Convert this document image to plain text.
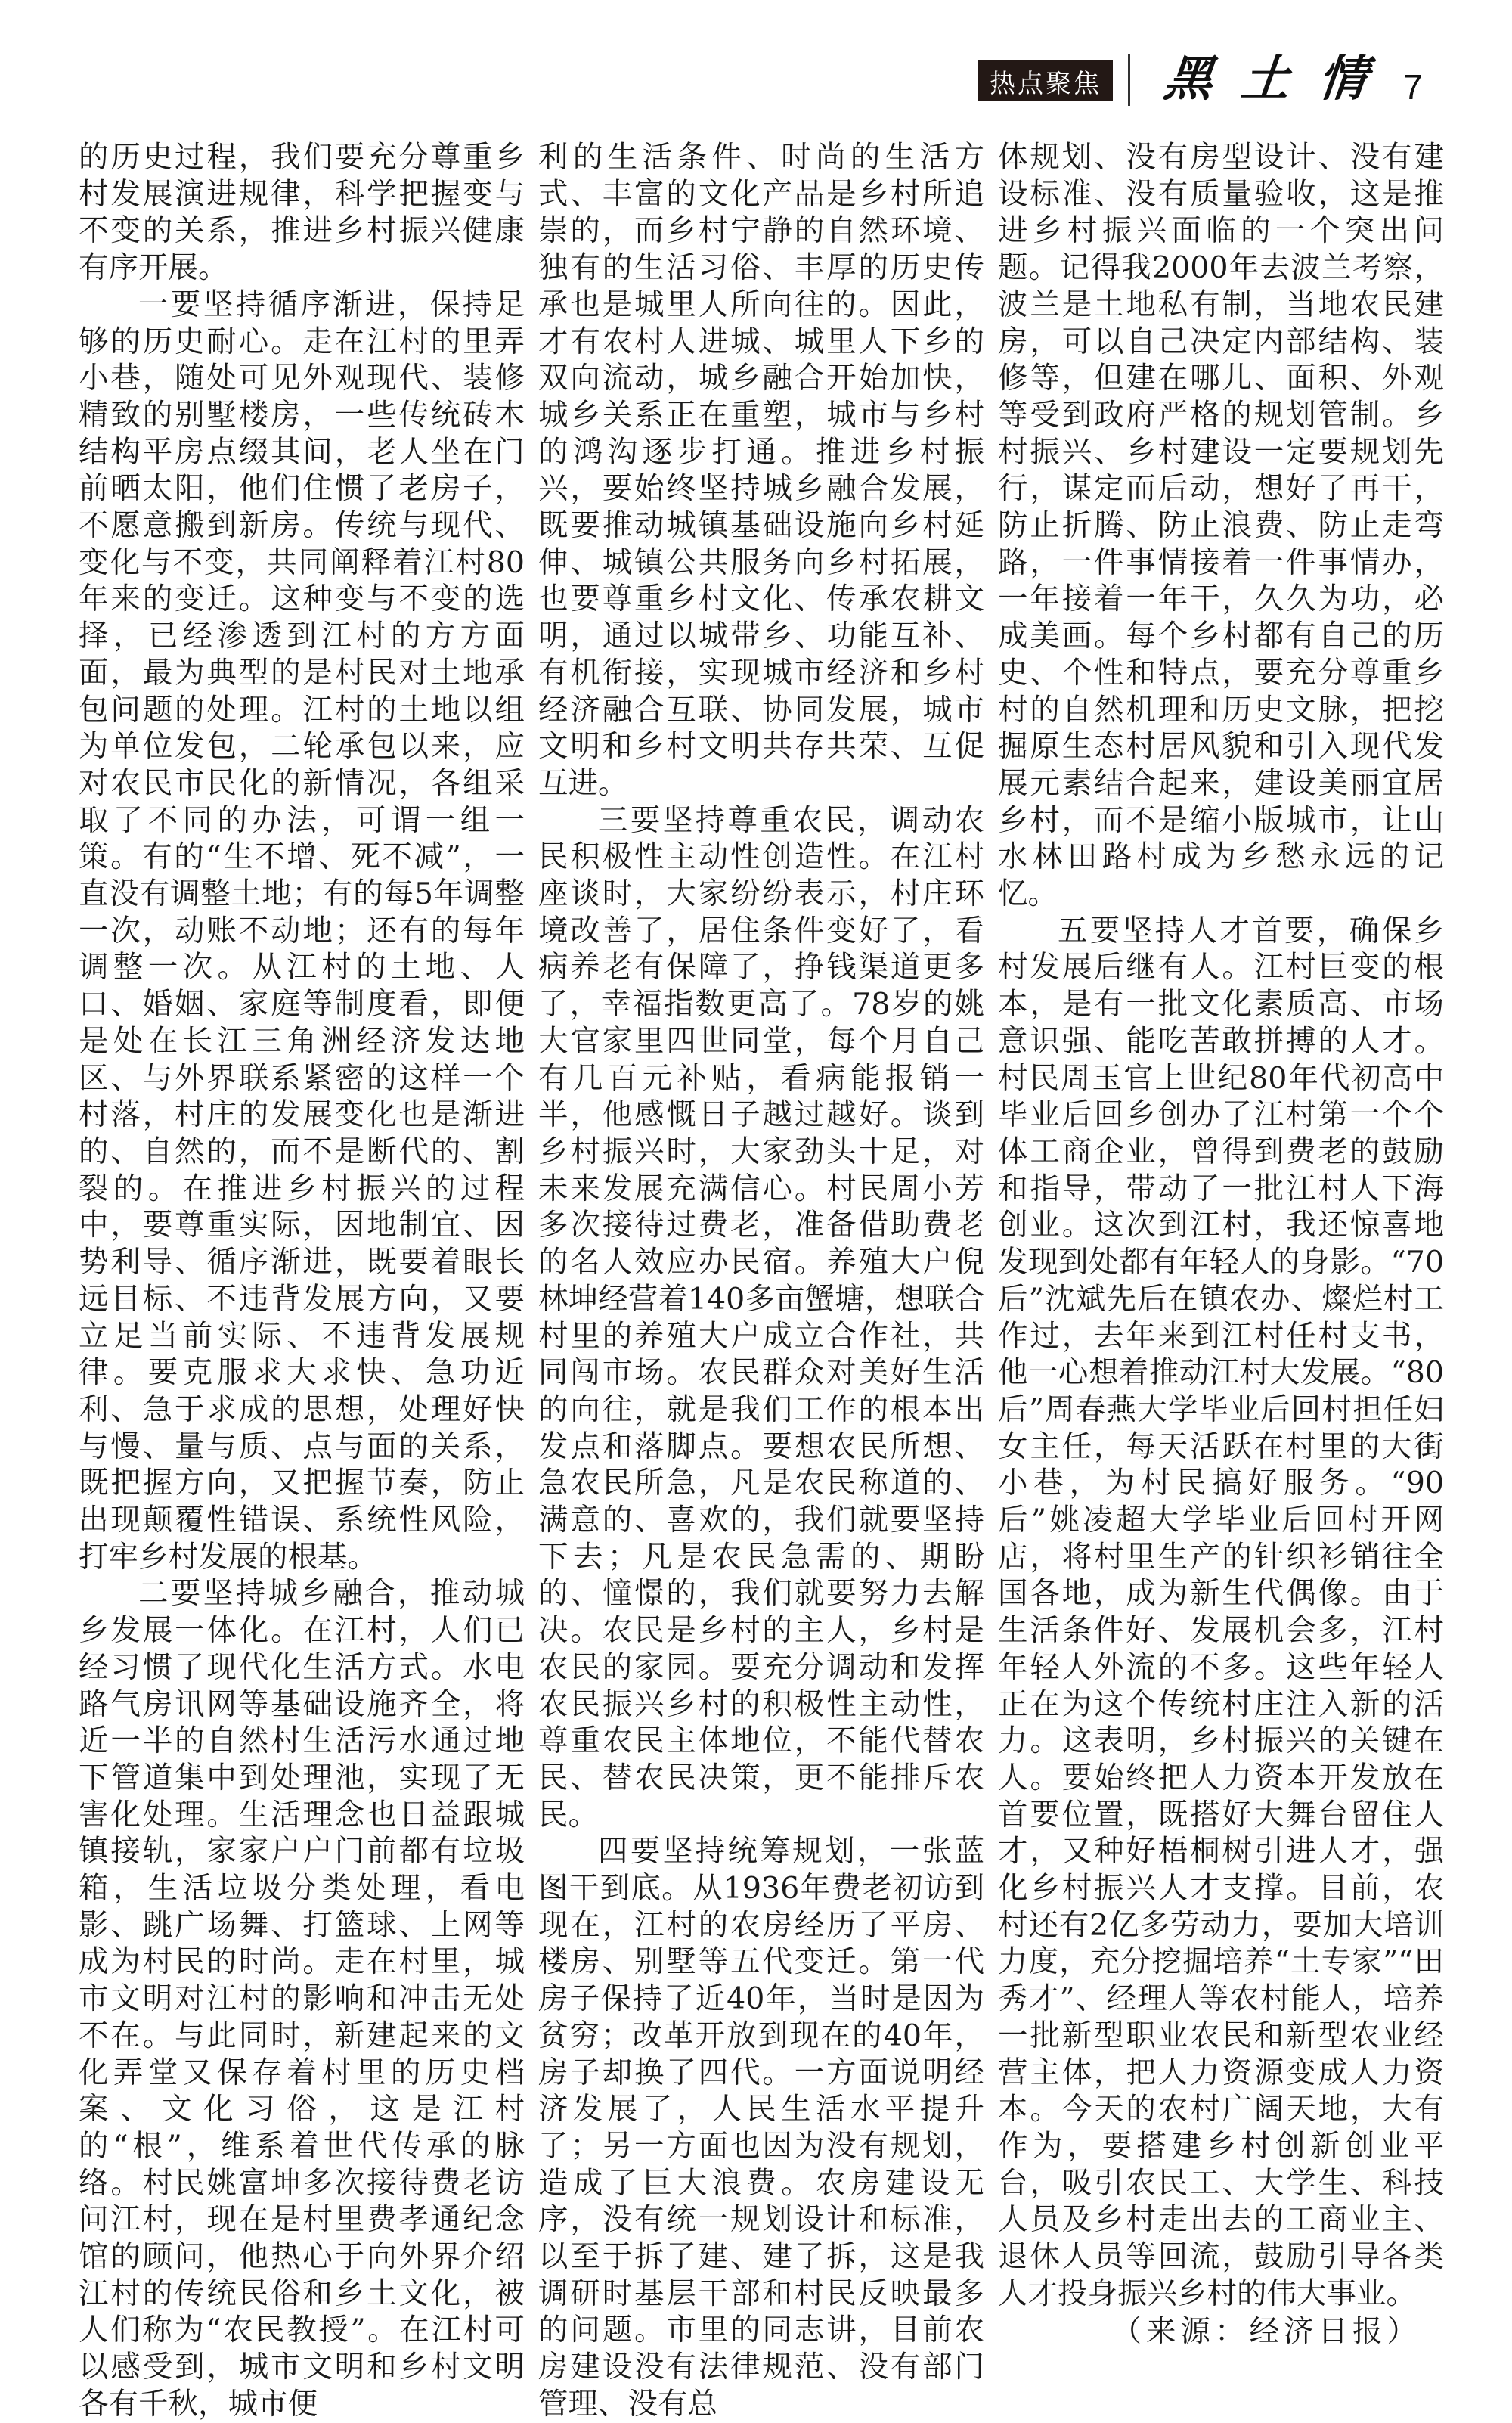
热点聚焦 黑土情 7

的历史过程，我们要充分尊重乡村发展演进规律，科学把握变与不变的关系，推进乡村振兴健康有序开展。

一要坚持循序渐进，保持足够的历史耐心。走在江村的里弄小巷，随处可见外观现代、装修精致的别墅楼房，一些传统砖木结构平房点缀其间，老人坐在门前晒太阳，他们住惯了老房子，不愿意搬到新房。传统与现代、变化与不变，共同阐释着江村80年来的变迁。这种变与不变的选择，已经渗透到江村的方方面面，最为典型的是村民对土地承包问题的处理。江村的土地以组为单位发包，二轮承包以来，应对农民市民化的新情况，各组采取了不同的办法，可谓一组一策。有的“生不增、死不减”，一直没有调整土地；有的每5年调整一次，动账不动地；还有的每年调整一次。从江村的土地、人口、婚姻、家庭等制度看，即便是处在长江三角洲经济发达地区、与外界联系紧密的这样一个村落，村庄的发展变化也是渐进的、自然的，而不是断代的、割裂的。在推进乡村振兴的过程中，要尊重实际，因地制宜、因势利导、循序渐进，既要着眼长远目标、不违背发展方向，又要立足当前实际、不违背发展规律。要克服求大求快、急功近利、急于求成的思想，处理好快与慢、量与质、点与面的关系，既把握方向，又把握节奏，防止出现颠覆性错误、系统性风险，打牢乡村发展的根基。

二要坚持城乡融合，推动城乡发展一体化。在江村，人们已经习惯了现代化生活方式。水电路气房讯网等基础设施齐全，将近一半的自然村生活污水通过地下管道集中到处理池，实现了无害化处理。生活理念也日益跟城镇接轨，家家户户门前都有垃圾箱，生活垃圾分类处理，看电影、跳广场舞、打篮球、上网等成为村民的时尚。走在村里，城市文明对江村的影响和冲击无处不在。与此同时，新建起来的文化弄堂又保存着村里的历史档案、文化习俗，这是江村的“根”，维系着世代传承的脉络。村民姚富坤多次接待费老访问江村，现在是村里费孝通纪念馆的顾问，他热心于向外界介绍江村的传统民俗和乡土文化，被人们称为“农民教授”。在江村可以感受到，城市文明和乡村文明各有千秋，城市便

利的生活条件、时尚的生活方式、丰富的文化产品是乡村所追崇的，而乡村宁静的自然环境、独有的生活习俗、丰厚的历史传承也是城里人所向往的。因此，才有农村人进城、城里人下乡的双向流动，城乡融合开始加快，城乡关系正在重塑，城市与乡村的鸿沟逐步打通。推进乡村振兴，要始终坚持城乡融合发展，既要推动城镇基础设施向乡村延伸、城镇公共服务向乡村拓展，也要尊重乡村文化、传承农耕文明，通过以城带乡、功能互补、有机衔接，实现城市经济和乡村经济融合互联、协同发展，城市文明和乡村文明共存共荣、互促互进。

三要坚持尊重农民，调动农民积极性主动性创造性。在江村座谈时，大家纷纷表示，村庄环境改善了，居住条件变好了，看病养老有保障了，挣钱渠道更多了，幸福指数更高了。78岁的姚大官家里四世同堂，每个月自己有几百元补贴，看病能报销一半，他感慨日子越过越好。谈到乡村振兴时，大家劲头十足，对未来发展充满信心。村民周小芳多次接待过费老，准备借助费老的名人效应办民宿。养殖大户倪林坤经营着140多亩蟹塘，想联合村里的养殖大户成立合作社，共同闯市场。农民群众对美好生活的向往，就是我们工作的根本出发点和落脚点。要想农民所想、急农民所急，凡是农民称道的、满意的、喜欢的，我们就要坚持下去；凡是农民急需的、期盼的、憧憬的，我们就要努力去解决。农民是乡村的主人，乡村是农民的家园。要充分调动和发挥农民振兴乡村的积极性主动性，尊重农民主体地位，不能代替农民、替农民决策，更不能排斥农民。

四要坚持统筹规划，一张蓝图干到底。从1936年费老初访到现在，江村的农房经历了平房、楼房、别墅等五代变迁。第一代房子保持了近40年，当时是因为贫穷；改革开放到现在的40年，房子却换了四代。一方面说明经济发展了，人民生活水平提升了；另一方面也因为没有规划，造成了巨大浪费。农房建设无序，没有统一规划设计和标准，以至于拆了建、建了拆，这是我调研时基层干部和村民反映最多的问题。市里的同志讲，目前农房建设没有法律规范、没有部门管理、没有总

体规划、没有房型设计、没有建设标准、没有质量验收，这是推进乡村振兴面临的一个突出问题。记得我2000年去波兰考察，波兰是土地私有制，当地农民建房，可以自己决定内部结构、装修等，但建在哪儿、面积、外观等受到政府严格的规划管制。乡村振兴、乡村建设一定要规划先行，谋定而后动，想好了再干，防止折腾、防止浪费、防止走弯路，一件事情接着一件事情办，一年接着一年干，久久为功，必成美画。每个乡村都有自己的历史、个性和特点，要充分尊重乡村的自然机理和历史文脉，把挖掘原生态村居风貌和引入现代发展元素结合起来，建设美丽宜居乡村，而不是缩小版城市，让山水林田路村成为乡愁永远的记忆。

五要坚持人才首要，确保乡村发展后继有人。江村巨变的根本，是有一批文化素质高、市场意识强、能吃苦敢拼搏的人才。村民周玉官上世纪80年代初高中毕业后回乡创办了江村第一个个体工商企业，曾得到费老的鼓励和指导，带动了一批江村人下海创业。这次到江村，我还惊喜地发现到处都有年轻人的身影。“70后”沈斌先后在镇农办、燦烂村工作过，去年来到江村任村支书，他一心想着推动江村大发展。“80后”周春燕大学毕业后回村担任妇女主任，每天活跃在村里的大街小巷，为村民搞好服务。“90后”姚凌超大学毕业后回村开网店，将村里生产的针织衫销往全国各地，成为新生代偶像。由于生活条件好、发展机会多，江村年轻人外流的不多。这些年轻人正在为这个传统村庄注入新的活力。这表明，乡村振兴的关键在人。要始终把人力资本开发放在首要位置，既搭好大舞台留住人才，又种好梧桐树引进人才，强化乡村振兴人才支撑。目前，农村还有2亿多劳动力，要加大培训力度，充分挖掘培养“土专家”“田秀才”、经理人等农村能人，培养一批新型职业农民和新型农业经营主体，把人力资源变成人力资本。今天的农村广阔天地，大有作为，要搭建乡村创新创业平台，吸引农民工、大学生、科技人员及乡村走出去的工商业主、退休人员等回流，鼓励引导各类人才投身振兴乡村的伟大事业。

（来源：经济日报）
